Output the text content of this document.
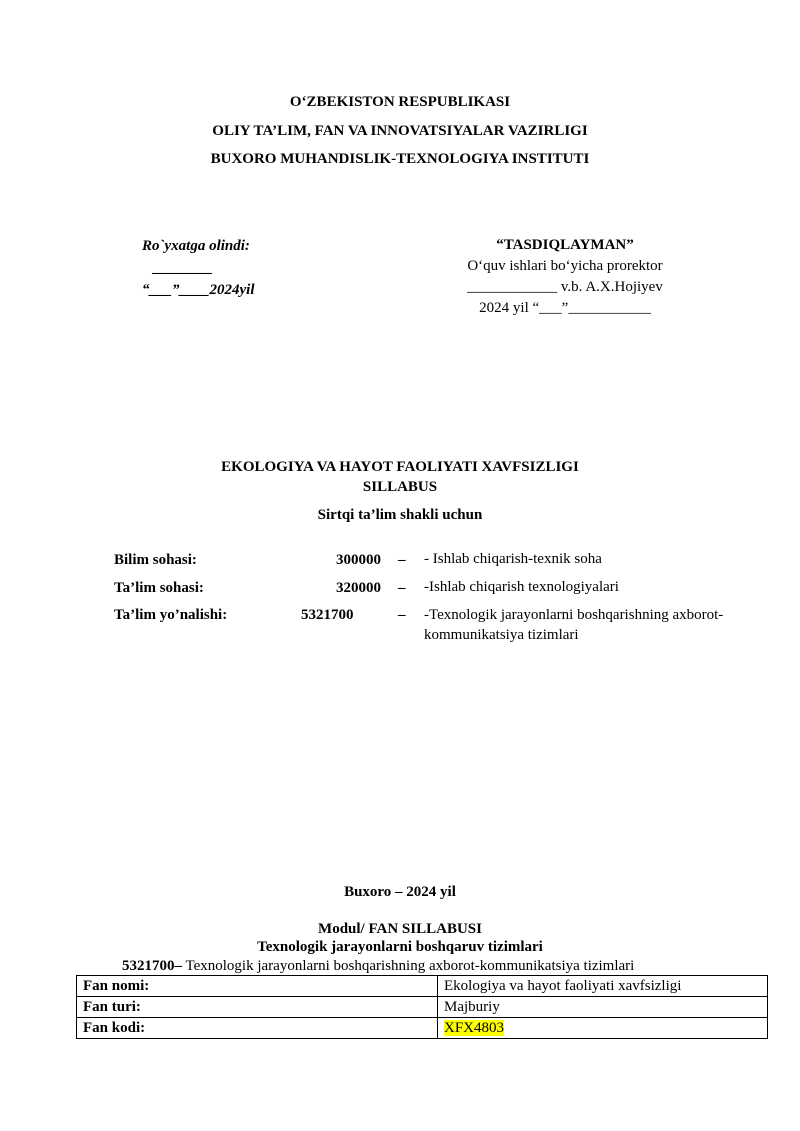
O‘ZBEKISTON RESPUBLIKASI
OLIY TA’LIM, FAN VA INNOVATSIYALAR VAZIRLIGI
BUXORO MUHANDISLIK-TEXNOLOGIYA INSTITUTI
Ro`yxatga olindi:
________
“___”____2024yil
“TASDIQLAYMAN”
O‘quv ishlari bo‘yicha prorektor
____________ v.b. A.X.Hojiyev
2024 yil “___”___________
EKOLOGIYA VA HAYOT FAOLIYATI XAVFSIZLIGI
SILLABUS
Sirtqi ta’lim shakli uchun
Bilim sohasi:	300000 – - Ishlab chiqarish-texnik soha
Ta’lim sohasi:	320000 – -Ishlab chiqarish texnologiyalari
Ta’lim yo’nalishi:	5321700	– -Texnologik jarayonlarni boshqarishning axborot-kommunikatsiya tizimlari
Buxoro – 2024 yil
Modul/ FAN SILLABUSI
Texnologik jarayonlarni boshqaruv tizimlari
5321700– Texnologik jarayonlarni boshqarishning axborot-kommunikatsiya tizimlari
Fan nomi:	Ekologiya va hayot faoliyati xavfsizligi
Fan turi:	Majburiy
Fan kodi:	XFX4803
